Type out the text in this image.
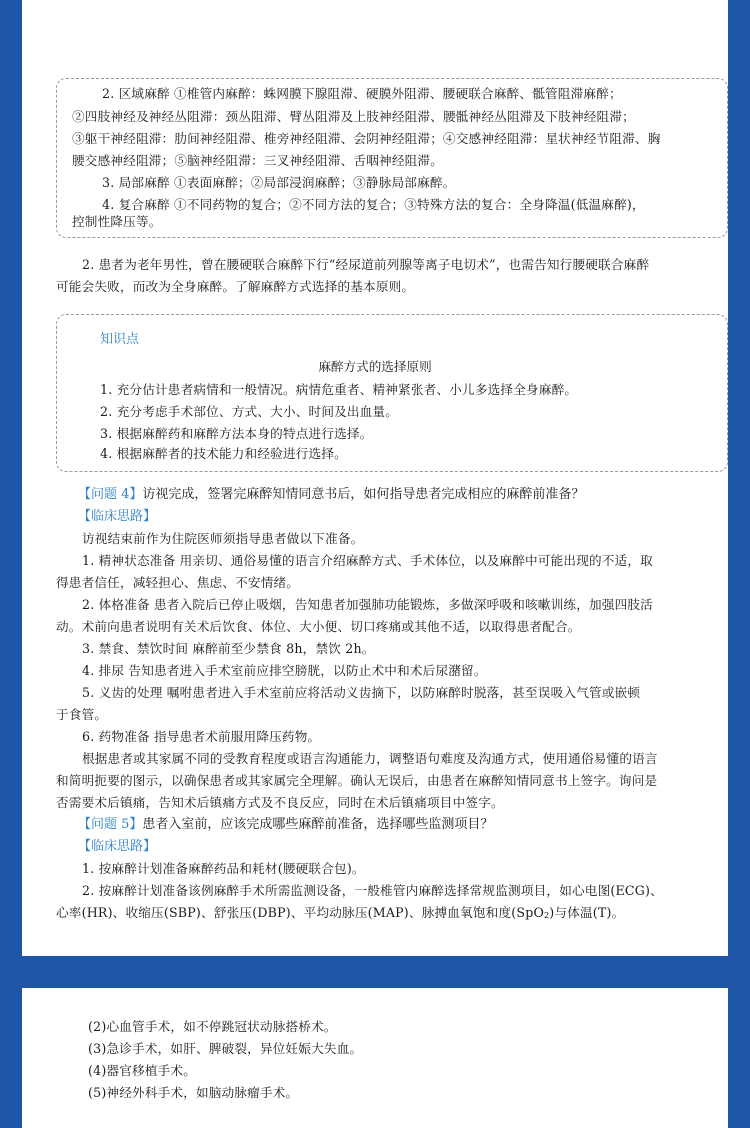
2. 区域麻醉 ①椎管内麻醉：蛛网膜下腺阻滞、硬膜外阻滞、腰硬联合麻醉、骶管阻滞麻醉；
②四肢神经及神经丛阻滞：颈丛阻滞、臂丛阻滞及上肢神经阻滞、腰骶神经丛阻滞及下肢神经阻滞；
③躯干神经阻滞：肋间神经阻滞、椎旁神经阻滞、会阴神经阻滞；④交感神经阻滞：星状神经节阻滞、胸
腰交感神经阻滞；⑤脑神经阻滞：三叉神经阻滞、舌咽神经阻滞。
3. 局部麻醉 ①表面麻醉；②局部浸润麻醉；③静脉局部麻醉。
4. 复合麻醉 ①不同药物的复合；②不同方法的复合；③特殊方法的复合：全身降温(低温麻醉)，
控制性降压等。
2. 患者为老年男性，曾在腰硬联合麻醉下行“经尿道前列腺等离子电切术”，也需告知行腰硬联合麻醉
可能会失败，而改为全身麻醉。了解麻醉方式选择的基本原则。
知识点
麻醉方式的选择原则
1. 充分估计患者病情和一般情况。病情危重者、精神紧张者、小儿多选择全身麻醉。
2. 充分考虑手术部位、方式、大小、时间及出血量。
3. 根据麻醉药和麻醉方法本身的特点进行选择。
4. 根据麻醉者的技术能力和经验进行选择。
【问题 4】访视完成，签署完麻醉知情同意书后，如何指导患者完成相应的麻醉前准备？
【临床思路】
访视结束前作为住院医师须指导患者做以下准备。
1. 精神状态准备 用亲切、通俗易懂的语言介绍麻醉方式、手术体位，以及麻醉中可能出现的不适，取
得患者信任，减轻担心、焦虑、不安情绪。
2. 体格准备 患者入院后已停止吸烟，告知患者加强肺功能锻炼，多做深呼吸和咳嗽训练，加强四肢活
动。术前向患者说明有关术后饮食、体位、大小便、切口疼痛或其他不适，以取得患者配合。
3. 禁食、禁饮时间 麻醉前至少禁食 8h，禁饮 2h。
4. 排尿 告知患者进入手术室前应排空膀胱，以防止术中和术后尿潴留。
5. 义齿的处理 嘱咐患者进入手术室前应将活动义齿摘下，以防麻醉时脱落，甚至误吸入气管或嵌顿
于食管。
6. 药物准备 指导患者术前服用降压药物。
根据患者或其家属不同的受教育程度或语言沟通能力，调整语句难度及沟通方式，使用通俗易懂的语言
和简明扼要的图示，以确保患者或其家属完全理解。确认无误后，由患者在麻醉知情同意书上签字。询问是
否需要术后镇痛，告知术后镇痛方式及不良反应，同时在术后镇痛项目中签字。
【问题 5】患者入室前，应该完成哪些麻醉前准备，选择哪些监测项目？
【临床思路】
1. 按麻醉计划准备麻醉药品和耗材(腰硬联合包)。
2. 按麻醉计划准备该例麻醉手术所需监测设备，一般椎管内麻醉选择常规监测项目，如心电图(ECG)、
心率(HR)、收缩压(SBP)、舒张压(DBP)、平均动脉压(MAP)、脉搏血氧饱和度(SpO$_2$)与体温(T)。
(2)心血管手术，如不停跳冠状动脉搭桥术。
(3)急诊手术，如肝、脾破裂，异位妊娠大失血。
(4)器官移植手术。
(5)神经外科手术，如脑动脉瘤手术。
